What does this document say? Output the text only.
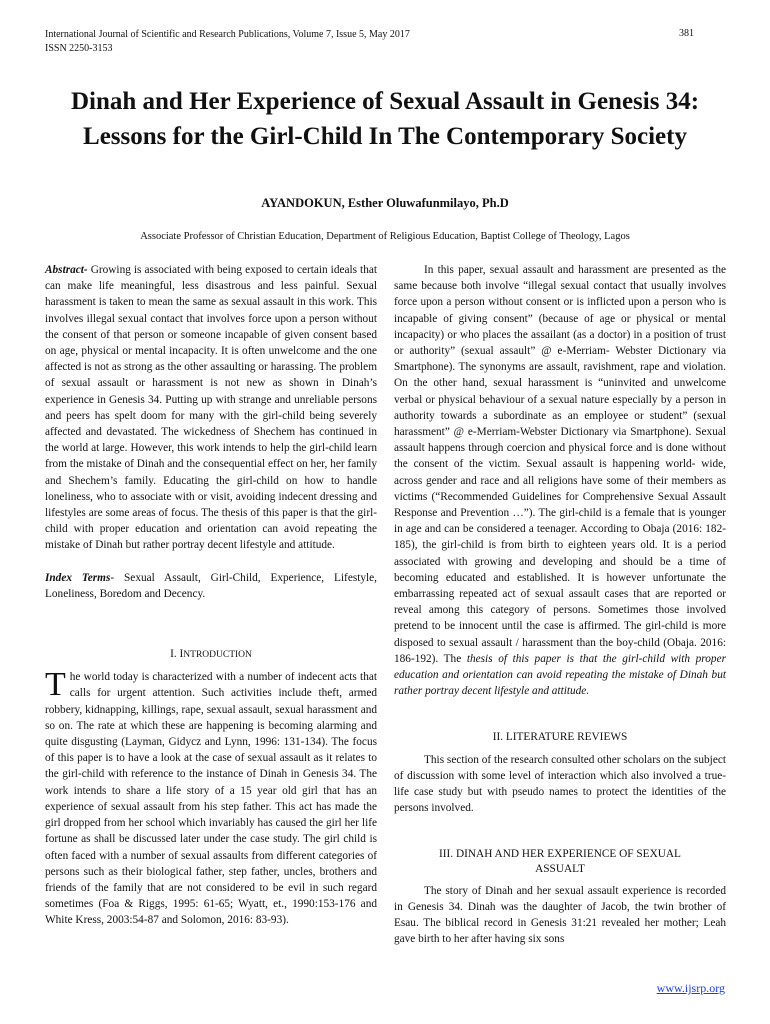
International Journal of Scientific and Research Publications, Volume 7, Issue 5, May 2017
ISSN 2250-3153
381
Dinah and Her Experience of Sexual Assault in Genesis 34: Lessons for the Girl-Child In The Contemporary Society
AYANDOKUN, Esther Oluwafunmilayo, Ph.D
Associate Professor of Christian Education, Department of Religious Education, Baptist College of Theology, Lagos

Abstract- Growing is associated with being exposed to certain ideals that can make life meaningful, less disastrous and less painful. Sexual harassment is taken to mean the same as sexual assault in this work. This involves illegal sexual contact that involves force upon a person without the consent of that person or someone incapable of given consent based on age, physical or mental incapacity. It is often unwelcome and the one affected is not as strong as the other assaulting or harassing. The problem of sexual assault or harassment is not new as shown in Dinah’s experience in Genesis 34. Putting up with strange and unreliable persons and peers has spelt doom for many with the girl-child being severely affected and devastated. The wickedness of Shechem has continued in the world at large. However, this work intends to help the girl-child learn from the mistake of Dinah and the consequential effect on her, her family and Shechem’s family. Educating the girl-child on how to handle loneliness, who to associate with or visit, avoiding indecent dressing and lifestyles are some areas of focus. The thesis of this paper is that the girl-child with proper education and orientation can avoid repeating the mistake of Dinah but rather portray decent lifestyle and attitude.

Index Terms- Sexual Assault, Girl-Child, Experience, Lifestyle, Loneliness, Boredom and Decency.

I. INTRODUCTION

The world today is characterized with a number of indecent acts that calls for urgent attention. Such activities include theft, armed robbery, kidnapping, killings, rape, sexual assault, sexual harassment and so on. The rate at which these are happening is becoming alarming and quite disgusting (Layman, Gidycz and Lynn, 1996: 131-134). The focus of this paper is to have a look at the case of sexual assault as it relates to the girl-child with reference to the instance of Dinah in Genesis 34. The work intends to share a life story of a 15 year old girl that has an experience of sexual assault from his step father. This act has made the girl dropped from her school which invariably has caused the girl her life fortune as shall be discussed later under the case study. The girl child is often faced with a number of sexual assaults from different categories of persons such as their biological father, step father, uncles, brothers and friends of the family that are not considered to be evil in such regard sometimes (Foa & Riggs, 1995: 61-65; Wyatt, et., 1990:153-176 and White Kress, 2003:54-87 and Solomon, 2016: 83-93).

In this paper, sexual assault and harassment are presented as the same because both involve “illegal sexual contact that usually involves force upon a person without consent or is inflicted upon a person who is incapable of giving consent” (because of age or physical or mental incapacity) or who places the assailant (as a doctor) in a position of trust or authority” (sexual assault” @ e-Merriam- Webster Dictionary via Smartphone). The synonyms are assault, ravishment, rape and violation. On the other hand, sexual harassment is “uninvited and unwelcome verbal or physical behaviour of a sexual nature especially by a person in authority towards a subordinate as an employee or student” (sexual harassment” @ e-Merriam-Webster Dictionary via Smartphone). Sexual assault happens through coercion and physical force and is done without the consent of the victim. Sexual assault is happening world- wide, across gender and race and all religions have some of their members as victims (“Recommended Guidelines for Comprehensive Sexual Assault Response and Prevention …”). The girl-child is a female that is younger in age and can be considered a teenager. According to Obaja (2016: 182-185), the girl-child is from birth to eighteen years old. It is a period associated with growing and developing and should be a time of becoming educated and established. It is however unfortunate the embarrassing repeated act of sexual assault cases that are reported or reveal among this category of persons. Sometimes those involved pretend to be innocent until the case is affirmed. The girl-child is more disposed to sexual assault / harassment than the boy-child (Obaja. 2016: 186-192). The thesis of this paper is that the girl-child with proper education and orientation can avoid repeating the mistake of Dinah but rather portray decent lifestyle and attitude.

II. LITERATURE REVIEWS

This section of the research consulted other scholars on the subject of discussion with some level of interaction which also involved a true-life case study but with pseudo names to protect the identities of the persons involved.

III. DINAH AND HER EXPERIENCE OF SEXUAL
ASSUALT

The story of Dinah and her sexual assault experience is recorded in Genesis 34. Dinah was the daughter of Jacob, the twin brother of Esau. The biblical record in Genesis 31:21 revealed her mother; Leah gave birth to her after having six sons

www.ijsrp.org
